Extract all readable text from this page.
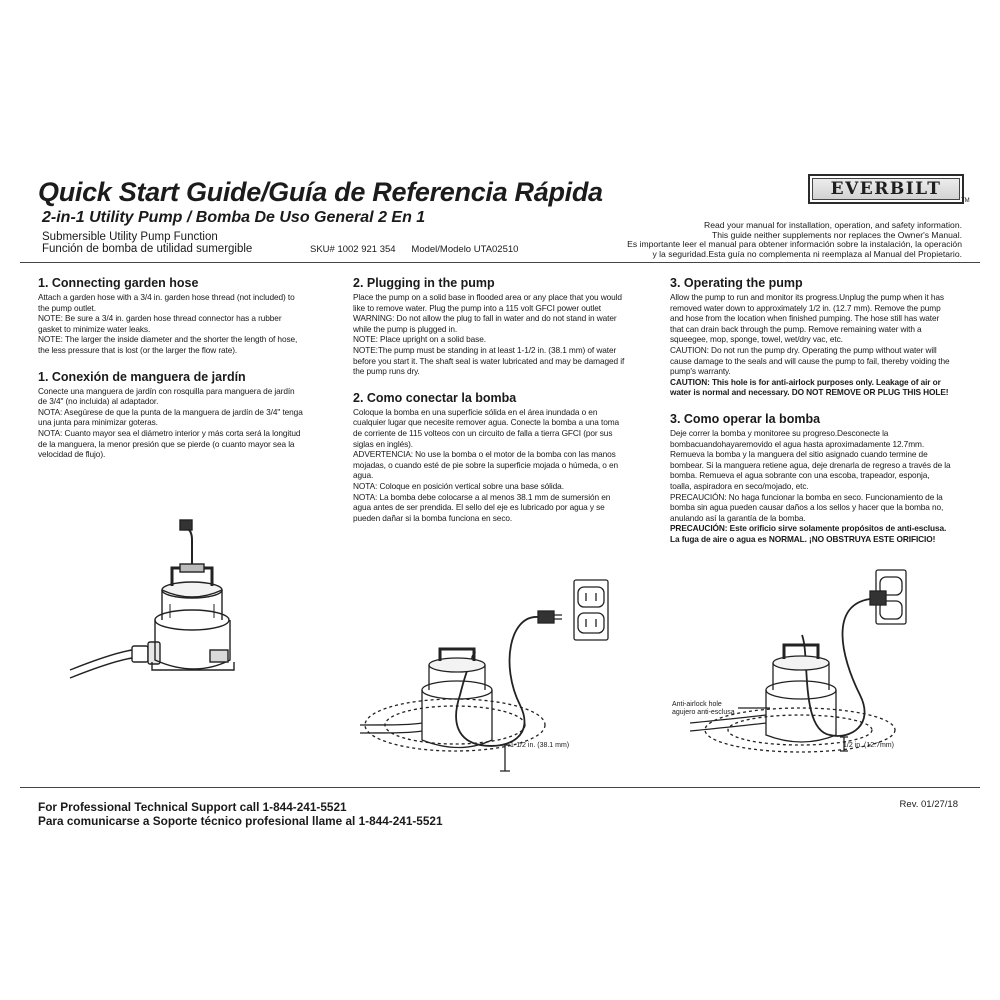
Quick Start Guide/Guía de Referencia Rápida
2-in-1 Utility Pump / Bomba De Uso General 2 En 1
Submersible Utility Pump Function
Función de bomba de utilidad sumergible	SKU# 1002 921 354 Model/Modelo UTA02510
EVERBILT
TM
Read your manual for installation, operation, and safety information.
This guide neither supplements nor replaces the Owner's Manual.
Es importante leer el manual para obtener información sobre la instalación, la operación
y la seguridad.Esta guía no complementa ni reemplaza al Manual del Propietario.
1. Connecting garden hose

Attach a garden hose with a 3/4 in. garden hose thread (not included) to the pump outlet.

NOTE: Be sure a 3/4 in. garden hose thread connector has a rubber gasket to minimize water leaks.

NOTE: The larger the inside diameter and the shorter the length of hose, the less pressure that is lost (or the larger the flow rate).

1. Conexión de manguera de jardín

Conecte una manguera de jardín con rosquilla para manguera de jardín de 3/4" (no incluida) al adaptador.

NOTA: Asegúrese de que la punta de la manguera de jardín de 3/4" tenga una junta para minimizar goteras.

NOTA: Cuanto mayor sea el diámetro interior y más corta será la longitud de la manguera, la menor presión que se pierde (o cuanto mayor sea la velocidad de flujo).

2. Plugging in the pump

Place the pump on a solid base in flooded area or any place that you would like to remove water. Plug the pump into a 115 volt GFCI power outlet

WARNING: Do not allow the plug to fall in water and do not stand in water while the pump is plugged in.

NOTE: Place upright on a solid base.

NOTE:The pump must be standing in at least 1-1/2 in. (38.1 mm) of water before you start it. The shaft seal is water lubricated and may be damaged if the pump runs dry.

2. Como conectar la bomba

Coloque la bomba en una superficie sólida en el área inundada o en cualquier lugar que necesite remover agua. Conecte la bomba a una toma de corriente de 115 volteos con un circuito de falla a tierra GFCI (por sus siglas en inglés).

ADVERTENCIA: No use la bomba o el motor de la bomba con las manos mojadas, o cuando esté de pie sobre la superficie mojada o húmeda, o en agua.

NOTA: Coloque en posición vertical sobre una base sólida.

NOTA: La bomba debe colocarse a al menos 38.1 mm de sumersión en agua antes de ser prendida. El sello del eje es lubricado por agua y se pueden dañar si la bomba funciona en seco.

3. Operating the pump

Allow the pump to run and monitor its progress.Unplug the pump when it has removed water down to approximately 1/2 in. (12.7 mm). Remove the pump and hose from the location when finished pumping. The hose still has water that can drain back through the pump. Remove remaining water with a squeegee, mop, sponge, towel, wet/dry vac, etc.

CAUTION: Do not run the pump dry. Operating the pump without water will cause damage to the seals and will cause the pump to fail, thereby voiding the pump's warranty.

CAUTION: This hole is for anti-airlock purposes only. Leakage of air or water is normal and necessary. DO NOT REMOVE OR PLUG THIS HOLE!

3. Como operar la bomba

Deje correr la bomba y monitoree su progreso.Desconecte la bombacuandohayaremovido el agua hasta aproximadamente 12.7mm. Remueva la bomba y la manguera del sitio asignado cuando termine de bombear. Si la manguera retiene agua, deje drenarla de regreso a través de la bomba. Remueva el agua sobrante con una escoba, trapeador, esponja, toalla, aspiradora en seco/mojado, etc.

PRECAUCIÓN: No haga funcionar la bomba en seco. Funcionamiento de la bomba sin agua pueden causar daños a los sellos y hacer que la bomba no, anulando así la garantía de la bomba.

PRECAUCIÓN: Este orificio sirve solamente propósitos de anti-esclusa. La fuga de aire o agua es NORMAL. ¡NO OBSTRUYA ESTE ORIFICIO!

1-1/2 in. (38.1 mm)
Anti-airlock hole
agujero anti-esclusa
1/2 in. (12.7mm)
For Professional Technical Support call 1-844-241-5521
Para comunicarse a Soporte técnico profesional llame al 1-844-241-5521
Rev. 01/27/18
